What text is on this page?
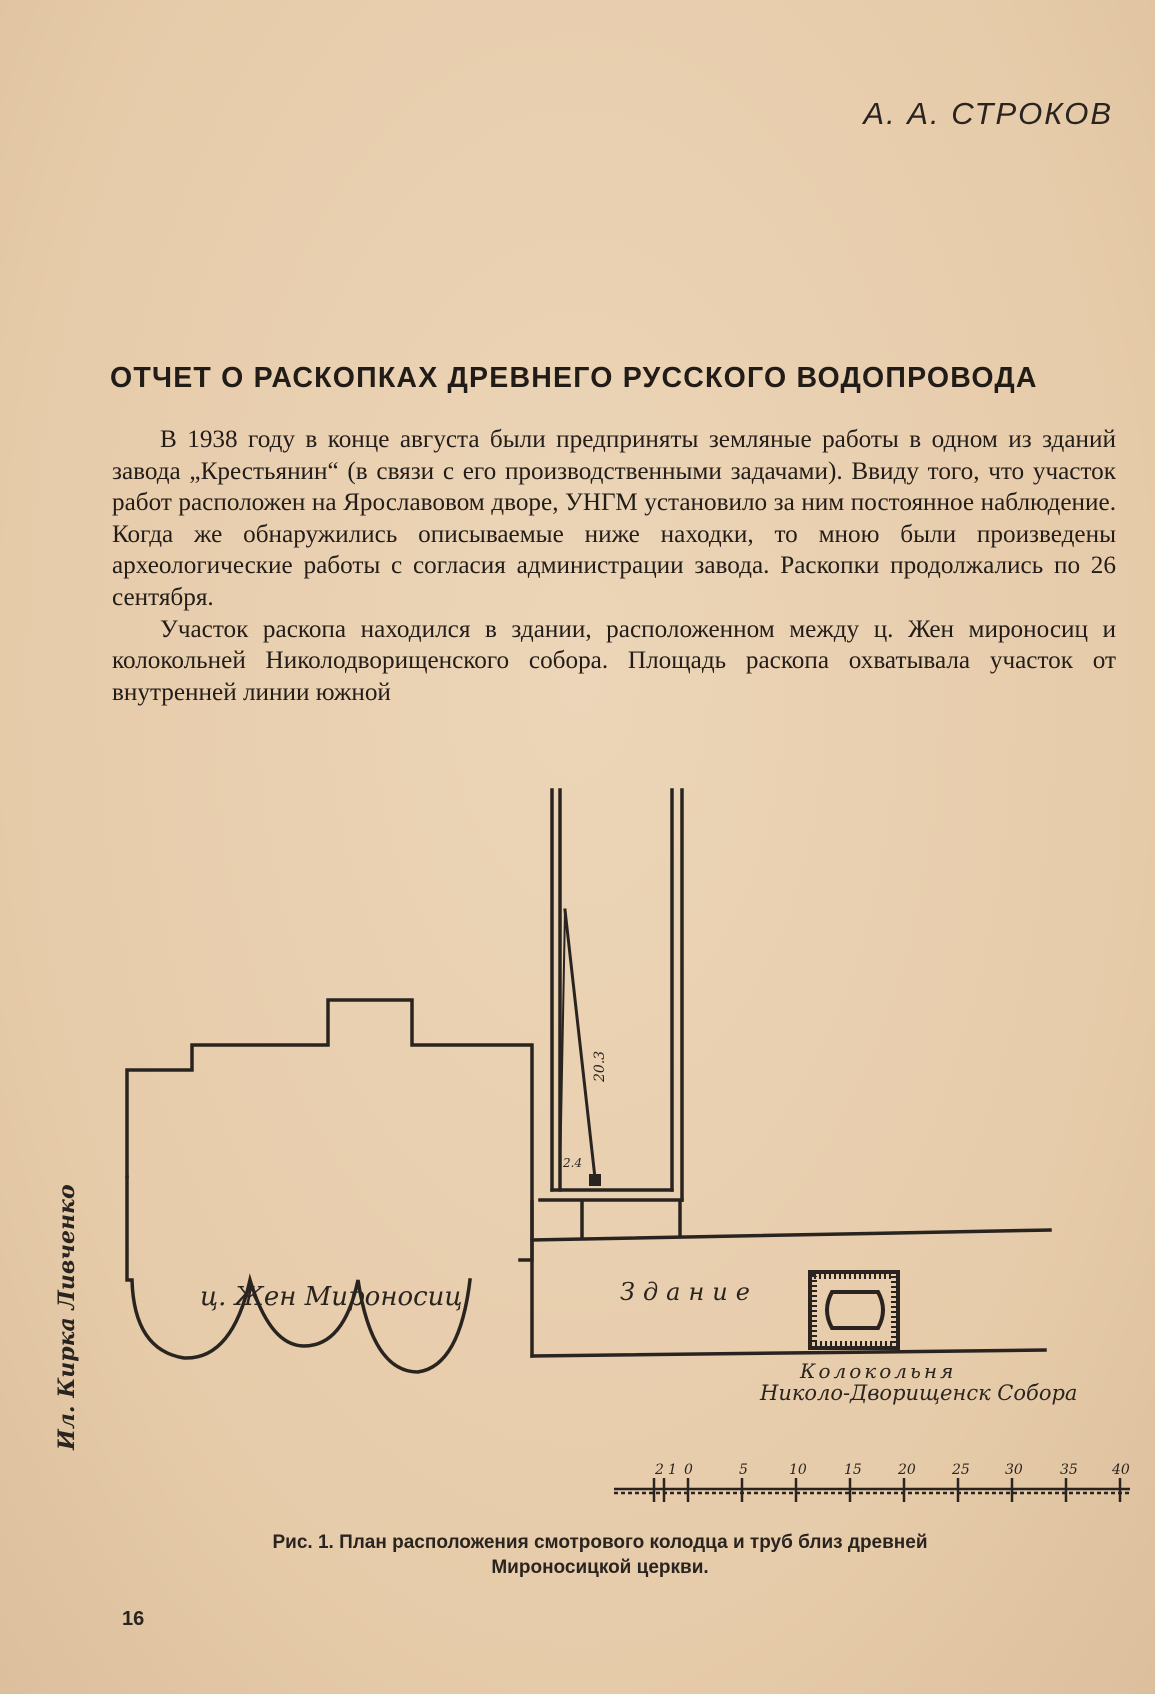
А. А. СТРОКОВ
ОТЧЕТ О РАСКОПКАХ ДРЕВНЕГО РУССКОГО ВОДОПРОВОДА

В 1938 году в конце августа были предприняты земляные работы в одном из зданий завода „Крестьянин“ (в связи с его производственными задачами). Ввиду того, что участок работ расположен на Ярославовом дворе, УНГМ установило за ним постоянное наблюдение. Когда же обнаружились описываемые ниже находки, то мною были произведены археологические работы с согласия администрации завода. Раскопки продолжались по 26 сентября.

Участок раскопа находился в здании, расположенном между ц. Жен мироносиц и колокольней Николодворищенского собора. Площадь раскопа охватывала участок от внутренней линии южной

2 1 0	5	10	15	20	25	30	35 40
ц. Жен Мироносиц	Здание
Колокольня
Николо-Дворищенск Собора
20.3
2.4
Ил. Кирка Ливченко
Рис. 1. План расположения смотрового колодца и труб близ древней
Мироносицкой церкви.
16
